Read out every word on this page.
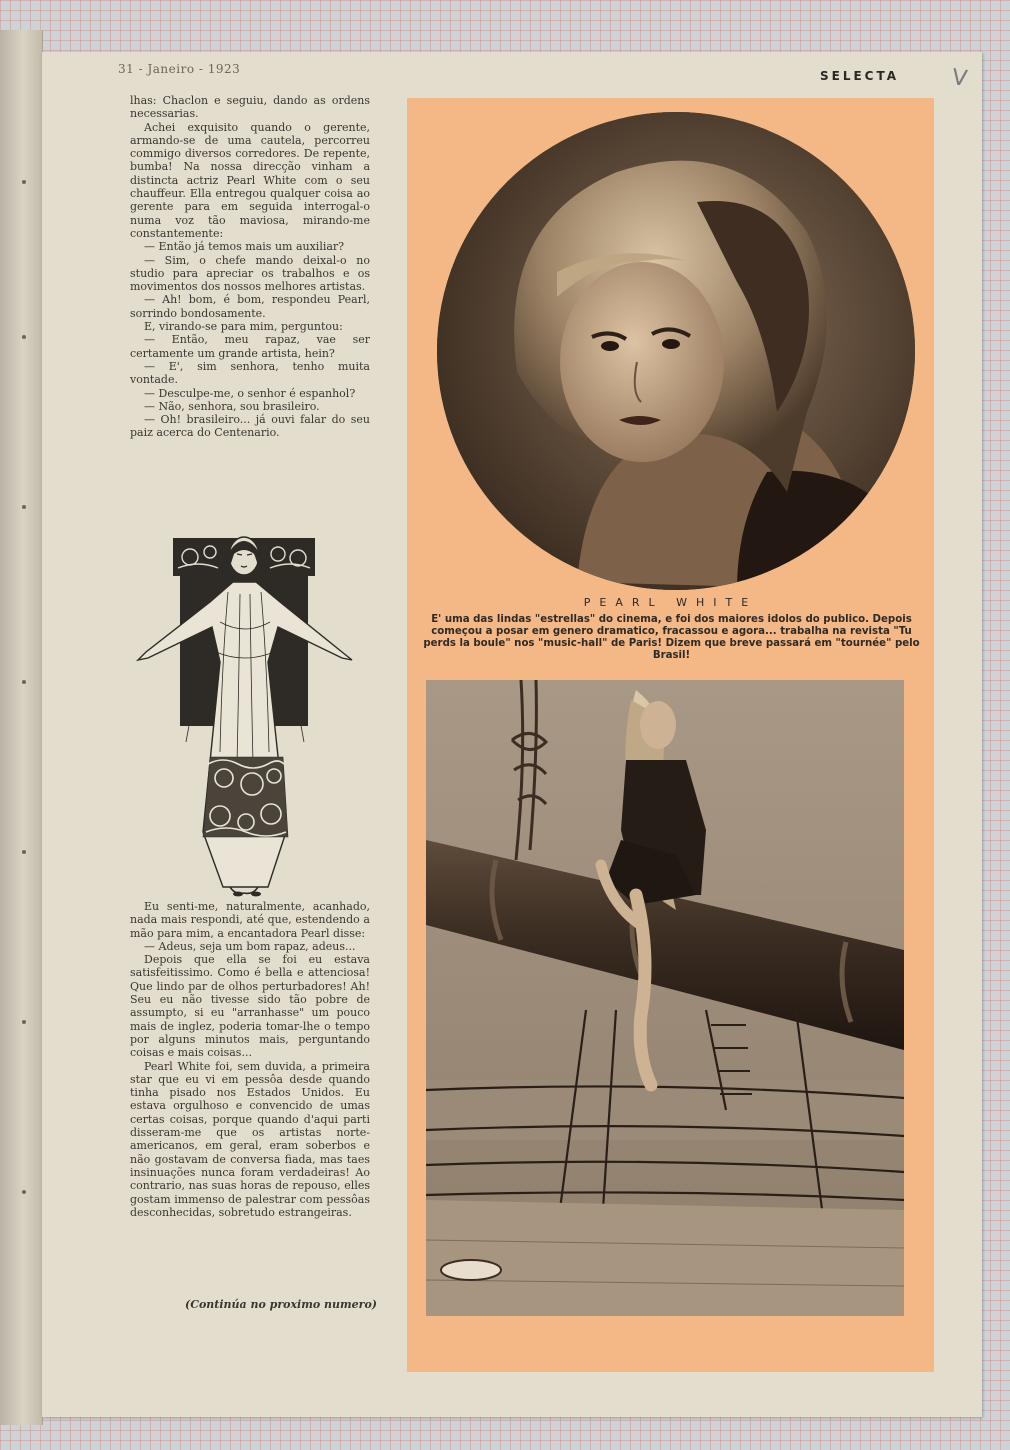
31 - Janeiro - 1923	SELECTA V

lhas: Chaclon e seguiu, dando as ordens necessarias.

Achei exquisito quando o gerente, armando-se de uma cautela, percorreu commigo diversos corredores. De repente, bumba! Na nossa direcção vinham a distincta actriz Pearl White com o seu chauffeur. Ella entregou qualquer coisa ao gerente para em seguida interrogal-o numa voz tão maviosa, mirando-me constantemente:

— Então já temos mais um auxiliar?

— Sim, o chefe mando deixal-o no studio para apreciar os trabalhos e os movimentos dos nossos melhores artistas.

— Ah! bom, é bom, respondeu Pearl, sorrindo bondosamente.

E, virando-se para mim, perguntou:

— Então, meu rapaz, vae ser certamente um grande artista, hein?

— E', sim senhora, tenho muita vontade.

— Desculpe-me, o senhor é espanhol?

— Não, senhora, sou brasileiro.

— Oh! brasileiro... já ouvi falar do seu paiz acerca do Centenario.

Eu senti-me, naturalmente, acanhado, nada mais respondi, até que, estendendo a mão para mim, a encantadora Pearl disse:

— Adeus, seja um bom rapaz, adeus...

Depois que ella se foi eu estava satisfeitissimo. Como é bella e attenciosa! Que lindo par de olhos perturbadores! Ah! Seu eu não tivesse sido tão pobre de assumpto, si eu "arranhasse" um pouco mais de inglez, poderia tomar-lhe o tempo por alguns minutos mais, perguntando coisas e mais coisas...

Pearl White foi, sem duvida, a primeira star que eu vi em pessôa desde quando tinha pisado nos Estados Unidos. Eu estava orgulhoso e convencido de umas certas coisas, porque quando d'aqui parti disseram-me que os artistas norte-americanos, em geral, eram soberbos e não gostavam de conversa fiada, mas taes insinuações nunca foram verdadeiras! Ao contrario, nas suas horas de repouso, elles gostam immenso de palestrar com pessôas desconhecidas, sobretudo estrangeiras.

(Continúa no proximo numero)
PEARL WHITE
E' uma das lindas "estrellas" do cinema, e foi dos maiores idolos do publico. Depois começou a posar em genero dramatico, fracassou e agora... trabalha na revista "Tu perds la boule" nos "music-hall" de Paris! Dizem que breve passará em "tournée" pelo Brasil!
